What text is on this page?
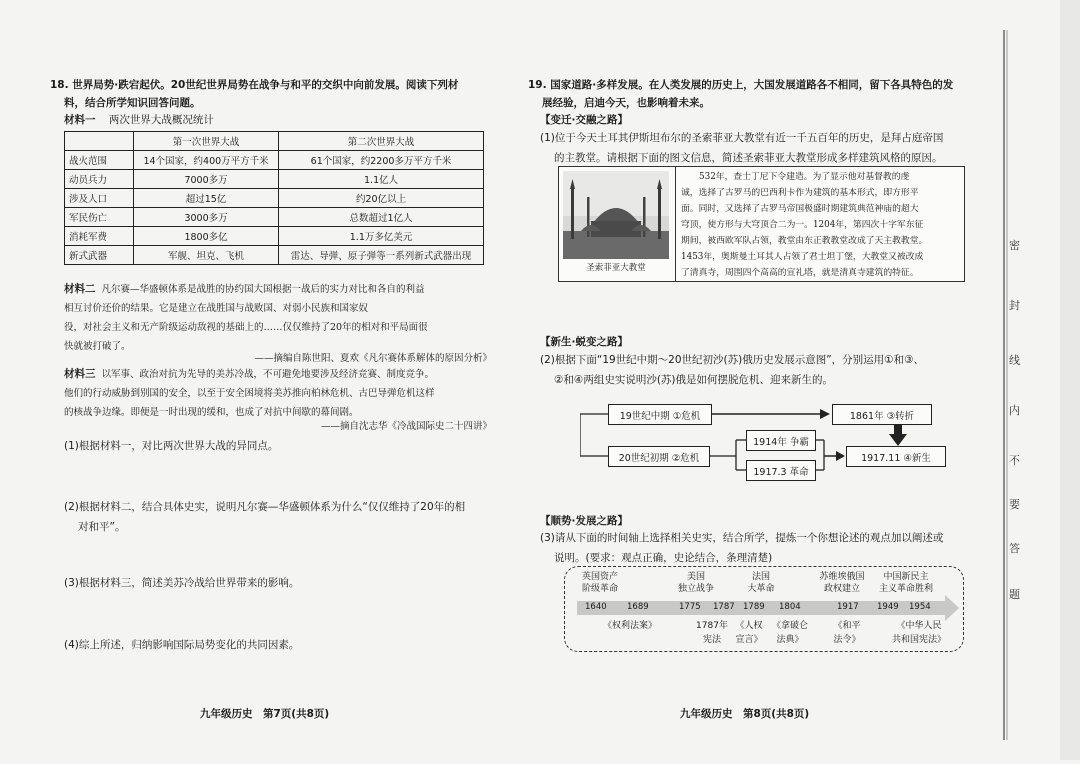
18. 世界局势·跌宕起伏。20世纪世界局势在战争与和平的交织中向前发展。阅读下列材
料，结合所学知识回答问题。
材料一 两次世界大战概况统计
	第一次世界大战	第二次世界大战
战火范围	14个国家，约400万平方千米	61个国家，约2200多万平方千米
动员兵力	7000多万	1.1亿人
涉及人口	超过15亿	约20亿以上
军民伤亡	3000多万	总数超过1亿人
消耗军费	1800多亿	1.1万多亿美元
新式武器	军舰、坦克、飞机	雷达、导弹、原子弹等一系列新式武器出现
材料二 凡尔赛—华盛顿体系是战胜的协约国大国根据一战后的实力对比和各自的利益
相互讨价还价的结果。它是建立在战胜国与战败国、对弱小民族和国家奴
役，对社会主义和无产阶级运动敌视的基础上的……仅仅维持了20年的相对和平局面很
快就被打破了。
——摘编自陈世阳、夏欢《凡尔赛体系解体的原因分析》
材料三 以军事、政治对抗为先导的美苏冷战，不可避免地要涉及经济竞赛、制度竞争。
他们的行动威胁到别国的安全，以至于安全困境将美苏推向柏林危机、古巴导弹危机这样
的核战争边缘。即便是一时出现的缓和，也成了对抗中间歇的幕间剧。
——摘自沈志华《冷战国际史二十四讲》
(1)根据材料一，对比两次世界大战的异同点。
(2)根据材料二，结合具体史实，说明凡尔赛—华盛顿体系为什么“仅仅维持了20年的相
对和平”。
(3)根据材料三，简述美苏冷战给世界带来的影响。
(4)综上所述，归纳影响国际局势变化的共同因素。
九年级历史　第7页(共8页)
19. 国家道路·多样发展。在人类发展的历史上，大国发展道路各不相同，留下各具特色的发
展经验，启迪今天，也影响着未来。
【变迁·交融之路】
(1)位于今天土耳其伊斯坦布尔的圣索菲亚大教堂有近一千五百年的历史，是拜占庭帝国
的主教堂。请根据下面的图文信息，简述圣索菲亚大教堂形成多样建筑风格的原因。
圣索菲亚大教堂
532年，查士丁尼下令建造。为了显示他对基督教的虔
诚，选择了古罗马的巴西利卡作为建筑的基本形式，即方形平
面。同时，又选择了古罗马帝国极盛时期建筑典范神庙的超大
穹顶，使方形与大穹顶合二为一。1204年，第四次十字军东征
期间，被西欧军队占领，教堂由东正教教堂改成了天主教教堂。
1453年，奥斯曼土耳其人占领了君士坦丁堡，大教堂又被改成
了清真寺，周围四个高高的宣礼塔，就是清真寺建筑的特征。
【新生·蜕变之路】
(2)根据下面“19世纪中期～20世纪初沙(苏)俄历史发展示意图”，分别运用①和③、
②和④两组史实说明沙(苏)俄是如何摆脱危机、迎来新生的。
19世纪中期 ①危机	1861年 ③转折
20世纪初期 ②危机
1914年 争霸
1917.3 革命
1917.11 ④新生
【顺势·发展之路】
(3)请从下面的时间轴上选择相关史实，结合所学，提炼一个你想论述的观点加以阐述或
说明。(要求：观点正确，史论结合，条理清楚)
英国资产
阶级革命
美国
独立战争
法国
大革命
苏维埃俄国
政权建立
中国新民主
主义革命胜利
1640 1689	1775 1787 1789 1804	1917 1949 1954
《权利法案》	1787年
宪法
《人权
宣言》
《拿破仑
法典》
《和平
法令》
《中华人民
共和国宪法》
九年级历史　第8页(共8页)
密
封
线
内
不
要
答
题
